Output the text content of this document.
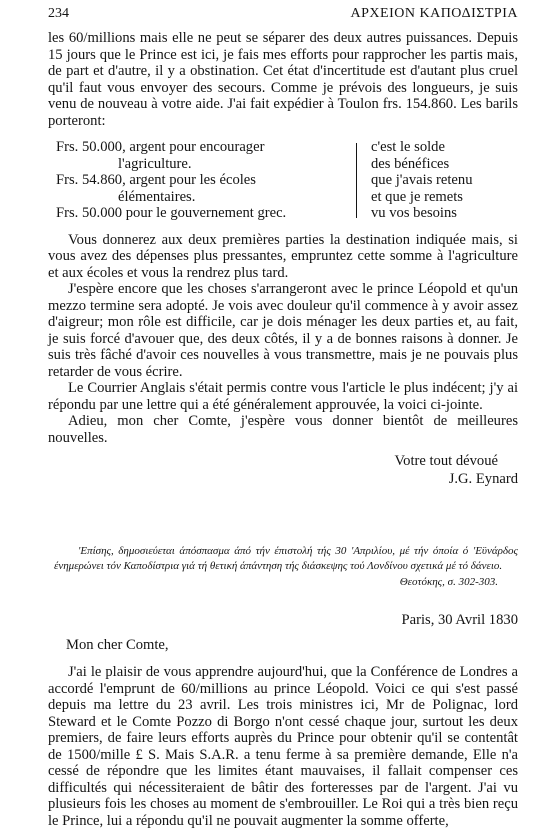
234	ΑΡΧΕΙΟΝ ΚΑΠΟΔΙΣΤΡΙΑ

les 60/millions mais elle ne peut se séparer des deux autres puissances. Depuis 15 jours que le Prince est ici, je fais mes efforts pour rapprocher les partis mais, de part et d'autre, il y a obstination. Cet état d'incertitude est d'autant plus cruel qu'il faut vous envoyer des secours. Comme je prévois des longueurs, je suis venu de nouveau à votre aide. J'ai fait expédier à Toulon frs. 154.860. Les barils porteront:

Frs. 50.000, argent pour encourager
l'agriculture.
Frs. 54.860, argent pour les écoles
élémentaires.
Frs. 50.000 pour le gouvernement grec.
c'est le solde
des bénéfices
que j'avais retenu
et que je remets
vu vos besoins

Vous donnerez aux deux premières parties la destination indiquée mais, si vous avez des dépenses plus pressantes, empruntez cette somme à l'agriculture et aux écoles et vous la rendrez plus tard.

J'espère encore que les choses s'arrangeront avec le prince Léopold et qu'un mezzo termine sera adopté. Je vois avec douleur qu'il commence à y avoir assez d'aigreur; mon rôle est difficile, car je dois ménager les deux parties et, au fait, je suis forcé d'avouer que, des deux côtés, il y a de bonnes raisons à donner. Je suis très fâché d'avoir ces nouvelles à vous transmettre, mais je ne pouvais plus retarder de vous écrire.

Le Courrier Anglais s'était permis contre vous l'article le plus indécent; j'y ai répondu par une lettre qui a été généralement approuvée, la voici ci-jointe.

Adieu, mon cher Comte, j'espère vous donner bientôt de meilleures nouvelles.

Votre tout dévoué
J.G. Eynard
'Επίσης, δημοσιεύεται άπόσπασμα άπό τήν έπιστολή τής 30 'Απριλίου, μέ τήν όποία ό 'Εϋνάρδος ένημερώνει τόν Καποδίστρια γιά τή θετική άπάντηση τής διάσκεψης τού Λονδίνου σχετικά μέ τό δάνειο.
Θεοτόκης, σ. 302-303.
Paris, 30 Avril 1830
Mon cher Comte,

J'ai le plaisir de vous apprendre aujourd'hui, que la Conférence de Londres a accordé l'emprunt de 60/millions au prince Léopold. Voici ce qui s'est passé depuis ma lettre du 23 avril. Les trois ministres ici, Mr de Polignac, lord Steward et le Comte Pozzo di Borgo n'ont cessé chaque jour, surtout les deux premiers, de faire leurs efforts auprès du Prince pour obtenir qu'il se contentât de 1500/mille £ S. Mais S.A.R. a tenu ferme à sa première demande, Elle n'a cessé de répondre que les limites étant mauvaises, il fallait compenser ces difficultés qui nécessiteraient de bâtir des forteresses par de l'argent. J'ai vu plusieurs fois les choses au moment de s'embrouiller. Le Roi qui a très bien reçu le Prince, lui a répondu qu'il ne pouvait augmenter la somme offerte,
